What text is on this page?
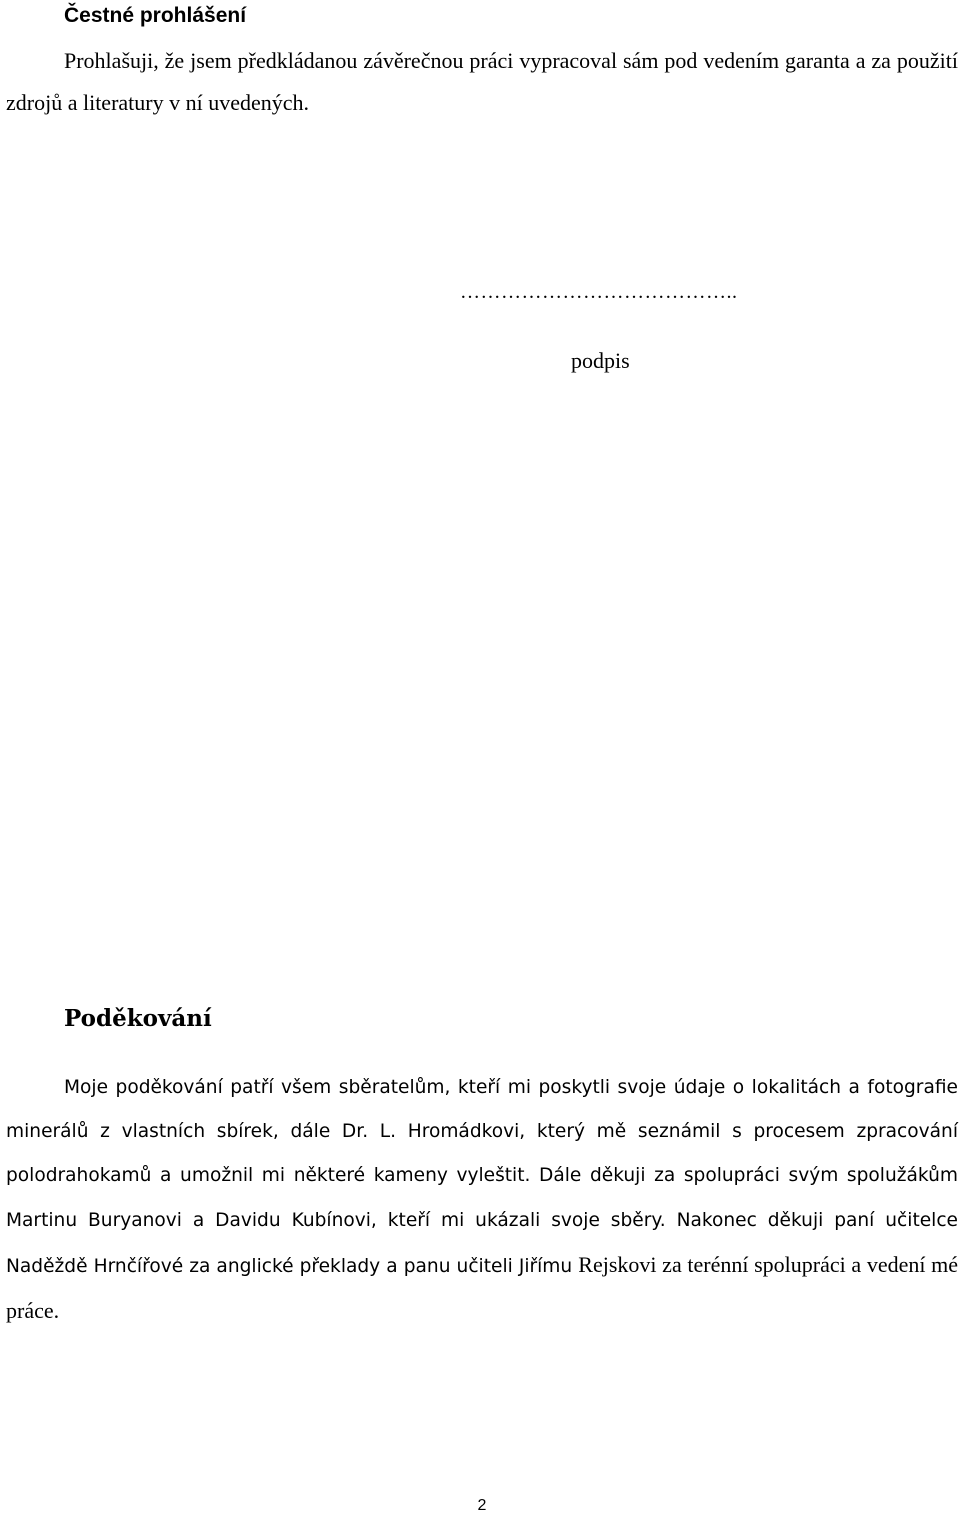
Čestné prohlášení

Prohlašuji, že jsem předkládanou závěrečnou práci vypracoval sám pod vedením garanta a za použití zdrojů a literatury v ní uvedených.

…………………………………..
podpis
Poděkování

Moje poděkování patří všem sběratelům, kteří mi poskytli svoje údaje o lokalitách a fotografie minerálů z vlastních sbírek, dále Dr. L. Hromádkovi, který mě seznámil s procesem zpracování polodrahokamů a umožnil mi některé kameny vyleštit. Dále děkuji za spolupráci svým spolužákům Martinu Buryanovi a Davidu Kubínovi, kteří mi ukázali svoje sběry. Nakonec děkuji paní učitelce Naděždě Hrnčířové za anglické překlady a panu učiteli Jiřímu Rejskovi za terénní spolupráci a vedení mé práce.

2
